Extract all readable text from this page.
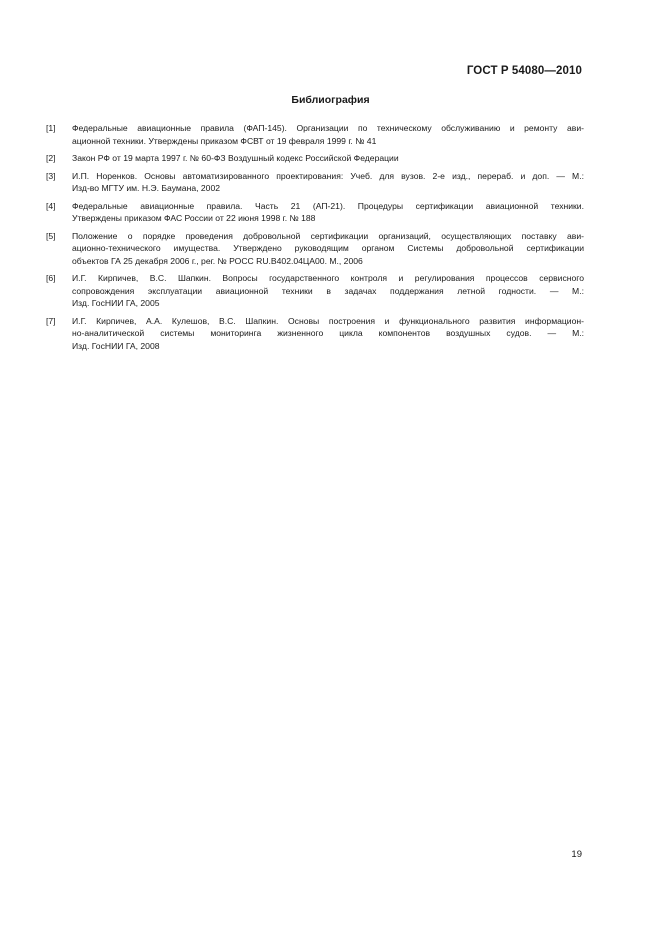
ГОСТ Р 54080—2010
Библиография
[1]	Федеральные авиационные правила (ФАП-145). Организации по техническому обслуживанию и ремонту ави-
ационной техники. Утверждены приказом ФСВТ от 19 февраля 1999 г. № 41
[2]	Закон РФ от 19 марта 1997 г. № 60-ФЗ Воздушный кодекс Российской Федерации
[3]	И.П. Норенков. Основы автоматизированного проектирования: Учеб. для вузов. 2-е изд., перераб. и доп. — М.:
Изд-во МГТУ им. Н.Э. Баумана, 2002
[4]	Федеральные авиационные правила. Часть 21 (АП-21). Процедуры сертификации авиационной техники.
Утверждены приказом ФАС России от 22 июня 1998 г. № 188
[5]	Положение о порядке проведения добровольной сертификации организаций, осуществляющих поставку ави-
ационно-технического имущества. Утверждено руководящим органом Системы добровольной сертификации
объектов ГА 25 декабря 2006 г., рег. № РОСС RU.В402.04ЦА00. М., 2006
[6]	И.Г. Кирпичев, В.С. Шапкин. Вопросы государственного контроля и регулирования процессов сервисного
сопровождения эксплуатации авиационной техники в задачах поддержания летной годности. — М.:
Изд. ГосНИИ ГА, 2005
[7]	И.Г. Кирпичев, А.А. Кулешов, В.С. Шапкин. Основы построения и функционального развития информацион-
но-аналитической системы мониторинга жизненного цикла компонентов воздушных судов. — М.:
Изд. ГосНИИ ГА, 2008
19
